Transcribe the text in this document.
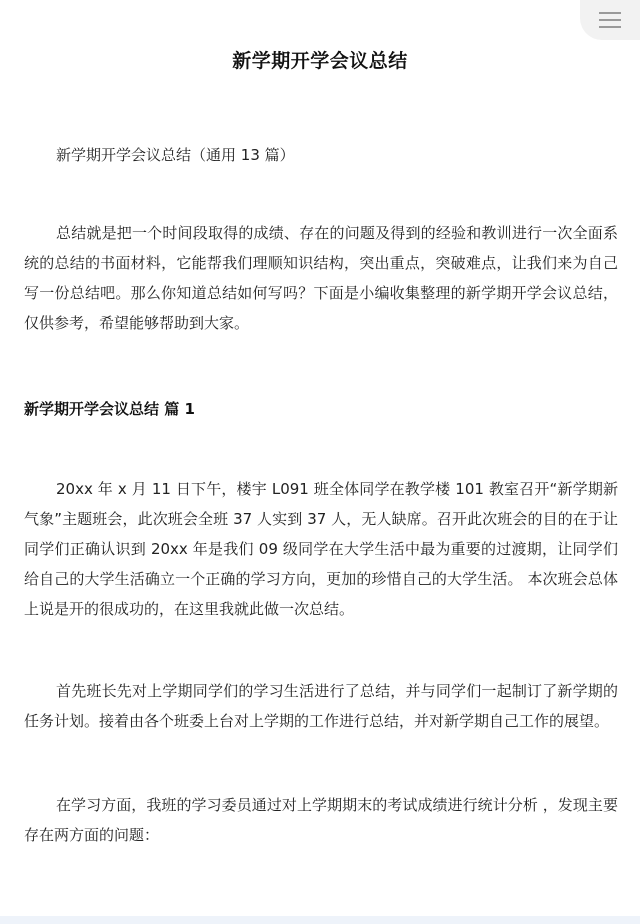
新学期开学会议总结

新学期开学会议总结（通用 13 篇）

总结就是把一个时间段取得的成绩、存在的问题及得到的经验和教训进行一次全面系统的总结的书面材料，它能帮我们理顺知识结构，突出重点，突破难点，让我们来为自己写一份总结吧。那么你知道总结如何写吗？下面是小编收集整理的新学期开学会议总结，仅供参考，希望能够帮助到大家。

新学期开学会议总结 篇 1

20xx 年 x 月 11 日下午，楼宇 L091 班全体同学在教学楼 101 教室召开“新学期新气象”主题班会，此次班会全班 37 人实到 37 人，无人缺席。召开此次班会的目的在于让同学们正确认识到 20xx 年是我们 09 级同学在大学生活中最为重要的过渡期，让同学们给自己的大学生活确立一个正确的学习方向，更加的珍惜自己的大学生活。 本次班会总体上说是开的很成功的，在这里我就此做一次总结。

首先班长先对上学期同学们的学习生活进行了总结，并与同学们一起制订了新学期的任务计划。接着由各个班委上台对上学期的工作进行总结，并对新学期自己工作的展望。

在学习方面，我班的学习委员通过对上学期期末的考试成绩进行统计分析 ，发现主要存在两方面的问题：
